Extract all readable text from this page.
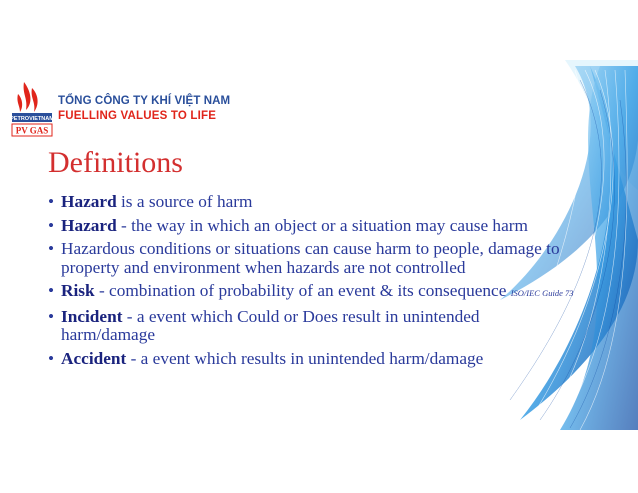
PETROVIETNAM
PV GAS
TỔNG CÔNG TY KHÍ VIỆT NAM
FUELLING VALUES TO LIFE
Definitions
• Hazard is a source of harm
• Hazard - the way in which an object or a situation may cause harm
• Hazardous conditions or situations can cause harm to people, damage to property and environment when hazards are not controlled
• Risk - combination of probability of an event & its consequence ISO/IEC Guide 73
• Incident - a event which Could or Does result in unintended harm/damage
• Accident - a event which results in unintended harm/damage
